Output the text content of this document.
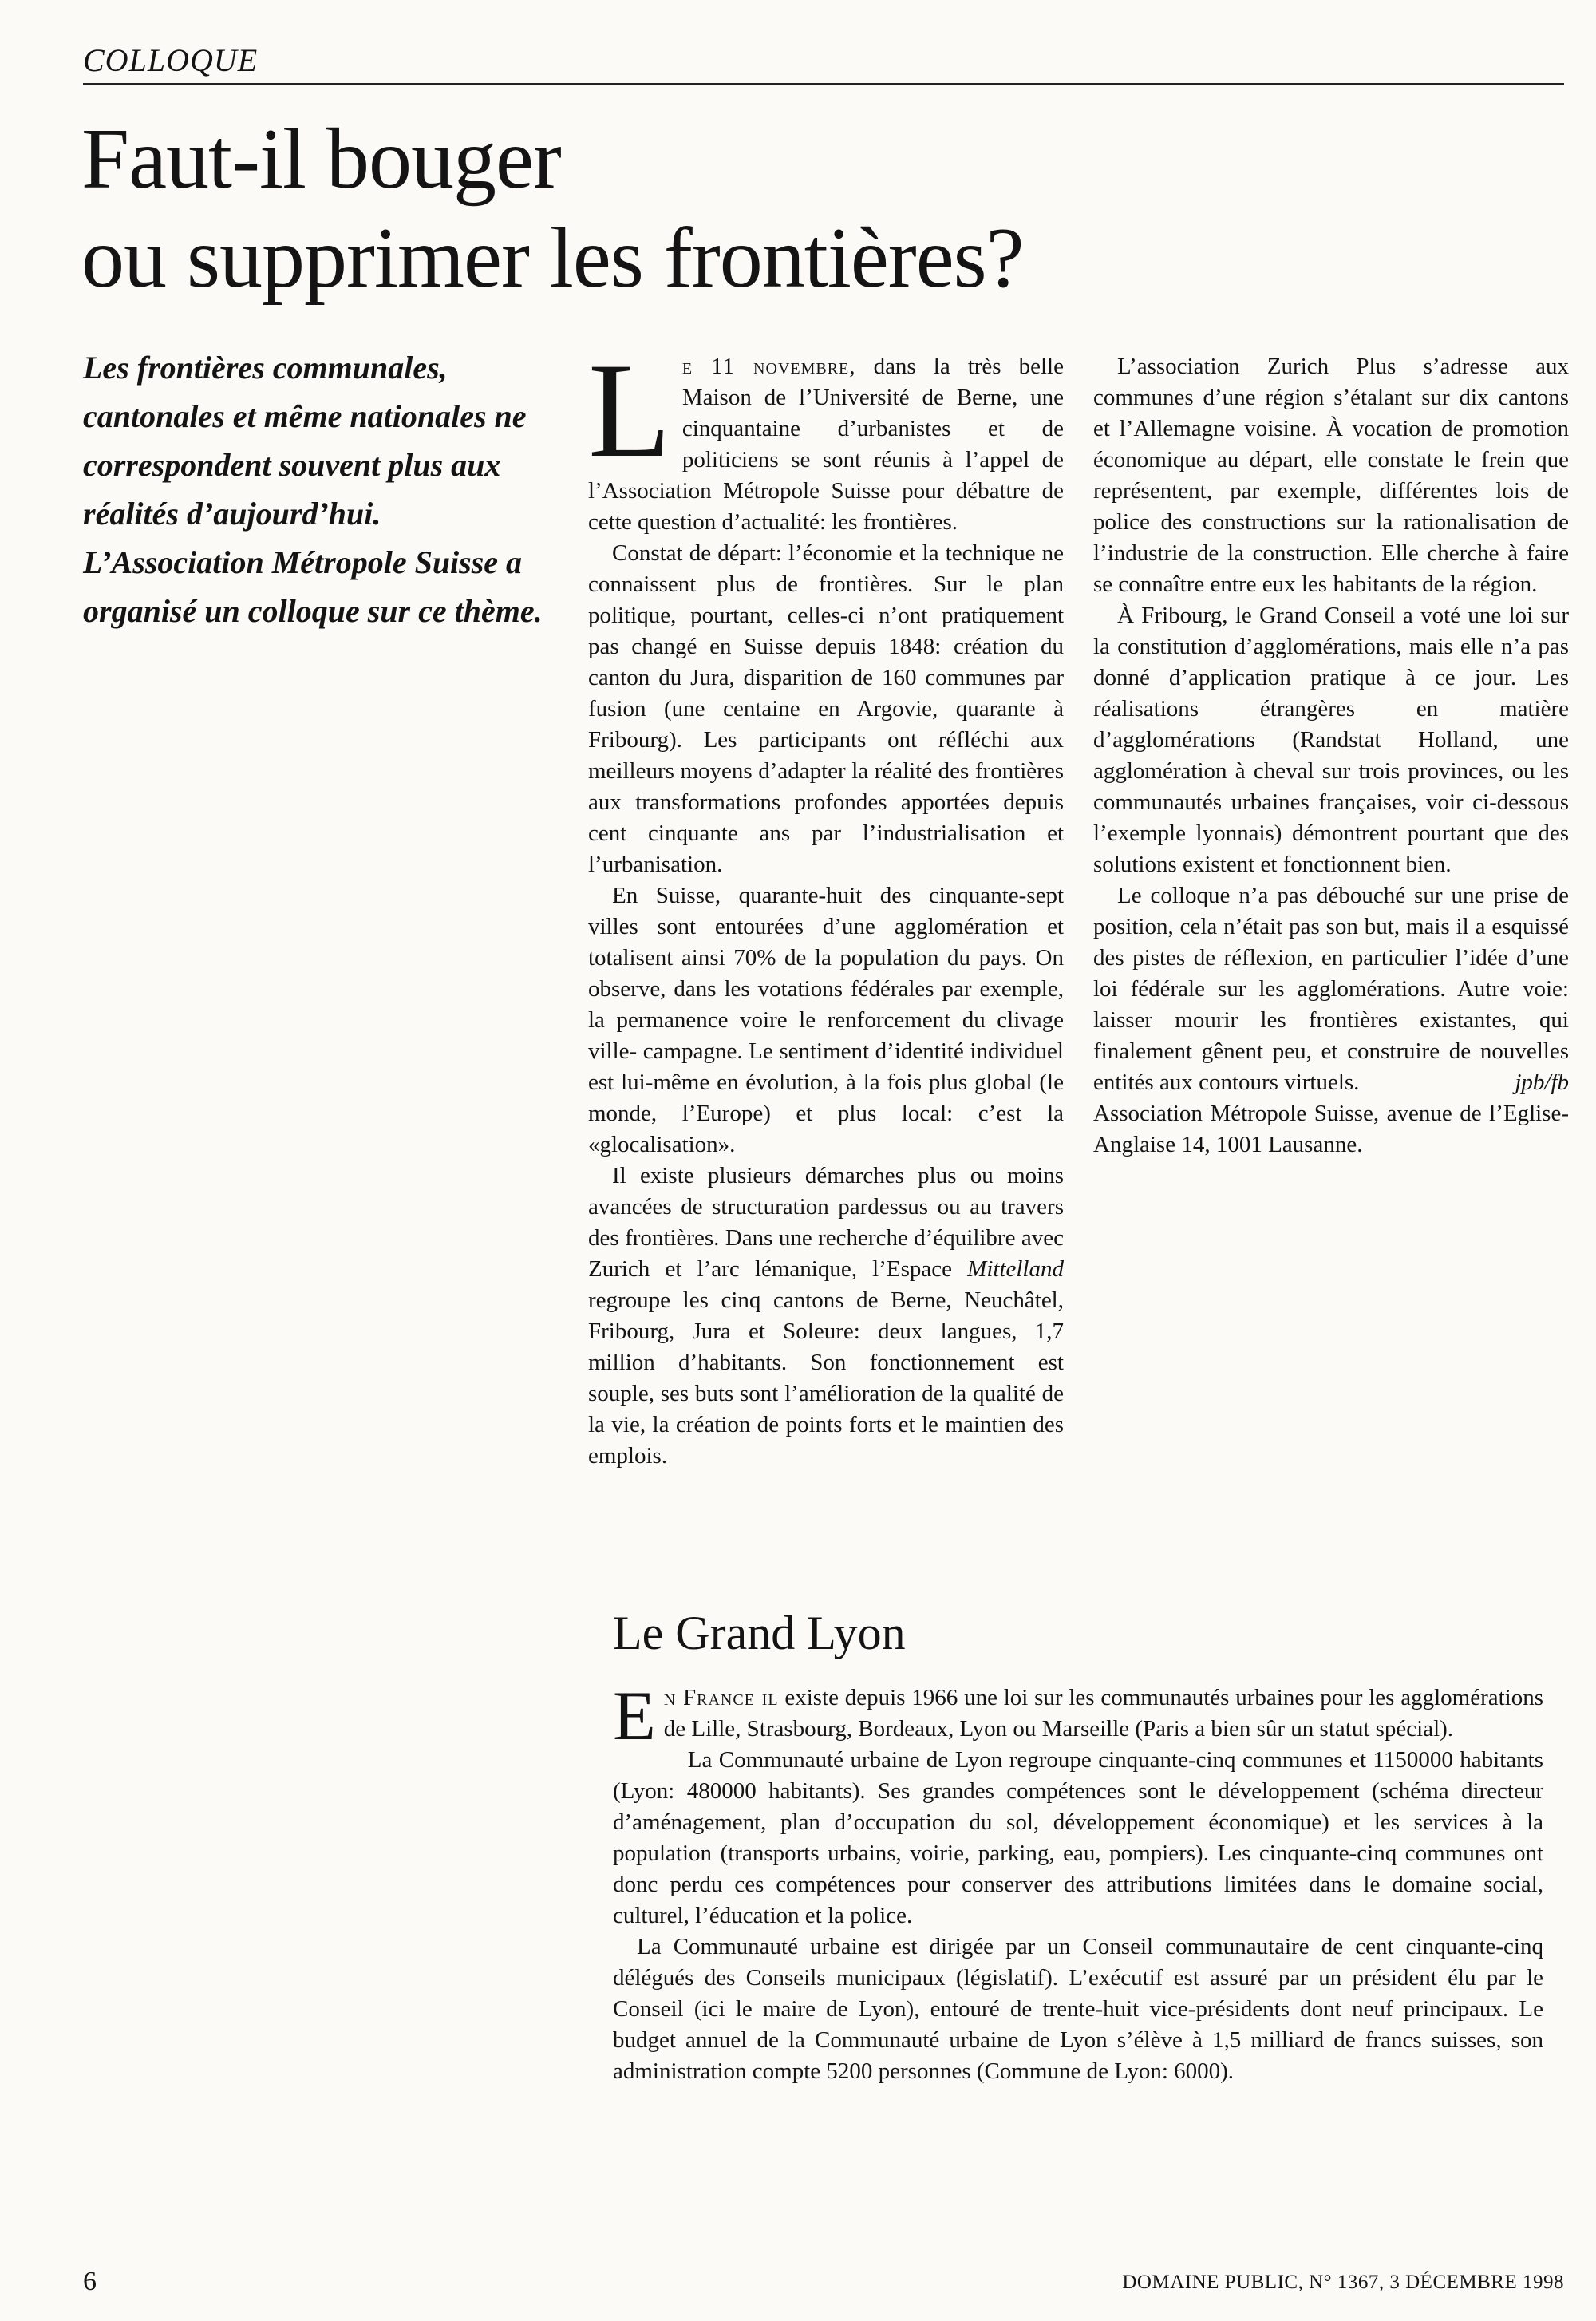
COLLOQUE
Faut-il bouger
ou supprimer les frontières?

Les frontières communales, cantonales et même nationales ne correspondent souvent plus aux réalités d’aujourd’hui. L’Association Métropole Suisse a organisé un colloque sur ce thème.

Le 11 novembre, dans la très belle Maison de l’Université de Berne, une cinquantaine d’urbanistes et de politiciens se sont réunis à l’appel de l’Association Métropole Suisse pour débattre de cette question d’actualité: les frontières.

Constat de départ: l’économie et la technique ne connaissent plus de frontières. Sur le plan politique, pourtant, celles-ci n’ont pratiquement pas changé en Suisse depuis 1848: création du canton du Jura, disparition de 160 communes par fusion (une centaine en Argovie, quarante à Fribourg). Les participants ont réfléchi aux meilleurs moyens d’adapter la réalité des frontières aux transformations profondes apportées depuis cent cinquante ans par l’industrialisation et l’urbanisation.

En Suisse, quarante-huit des cinquante-sept villes sont entourées d’une agglomération et totalisent ainsi 70% de la population du pays. On observe, dans les votations fédérales par exemple, la permanence voire le renforcement du clivage ville- campagne. Le sentiment d’identité individuel est lui-même en évolution, à la fois plus global (le monde, l’Europe) et plus local: c’est la «glocalisation».

Il existe plusieurs démarches plus ou moins avancées de structuration pardessus ou au travers des frontières. Dans une recherche d’équilibre avec Zurich et l’arc lémanique, l’Espace Mittelland regroupe les cinq cantons de Berne, Neuchâtel, Fribourg, Jura et Soleure: deux langues, 1,7 million d’habitants. Son fonctionnement est souple, ses buts sont l’amélioration de la qualité de la vie, la création de points forts et le maintien des emplois.

L’association Zurich Plus s’adresse aux communes d’une région s’étalant sur dix cantons et l’Allemagne voisine. À vocation de promotion économique au départ, elle constate le frein que représentent, par exemple, différentes lois de police des constructions sur la rationalisation de l’industrie de la construction. Elle cherche à faire se connaître entre eux les habitants de la région.

À Fribourg, le Grand Conseil a voté une loi sur la constitution d’agglomérations, mais elle n’a pas donné d’application pratique à ce jour. Les réalisations étrangères en matière d’agglomérations (Randstat Holland, une agglomération à cheval sur trois provinces, ou les communautés urbaines françaises, voir ci-dessous l’exemple lyonnais) démontrent pourtant que des solutions existent et fonctionnent bien.

Le colloque n’a pas débouché sur une prise de position, cela n’était pas son but, mais il a esquissé des pistes de réflexion, en particulier l’idée d’une loi fédérale sur les agglomérations. Autre voie: laisser mourir les frontières existantes, qui finalement gênent peu, et construire de nouvelles entités aux contours virtuels.	jpb/fb

Association Métropole Suisse, avenue de l’Eglise-Anglaise 14, 1001 Lausanne.

Le Grand Lyon

En France il existe depuis 1966 une loi sur les communautés urbaines pour les agglomérations de Lille, Strasbourg, Bordeaux, Lyon ou Marseille (Paris a bien sûr un statut spécial).

La Communauté urbaine de Lyon regroupe cinquante-cinq communes et 1150000 habitants (Lyon: 480000 habitants). Ses grandes compétences sont le développement (schéma directeur d’aménagement, plan d’occupation du sol, développement économique) et les services à la population (transports urbains, voirie, parking, eau, pompiers). Les cinquante-cinq communes ont donc perdu ces compétences pour conserver des attributions limitées dans le domaine social, culturel, l’éducation et la police.

La Communauté urbaine est dirigée par un Conseil communautaire de cent cinquante-cinq délégués des Conseils municipaux (législatif). L’exécutif est assuré par un président élu par le Conseil (ici le maire de Lyon), entouré de trente-huit vice-présidents dont neuf principaux. Le budget annuel de la Communauté urbaine de Lyon s’élève à 1,5 milliard de francs suisses, son administration compte 5200 personnes (Commune de Lyon: 6000).

6	DOMAINE PUBLIC, N° 1367, 3 DÉCEMBRE 1998
